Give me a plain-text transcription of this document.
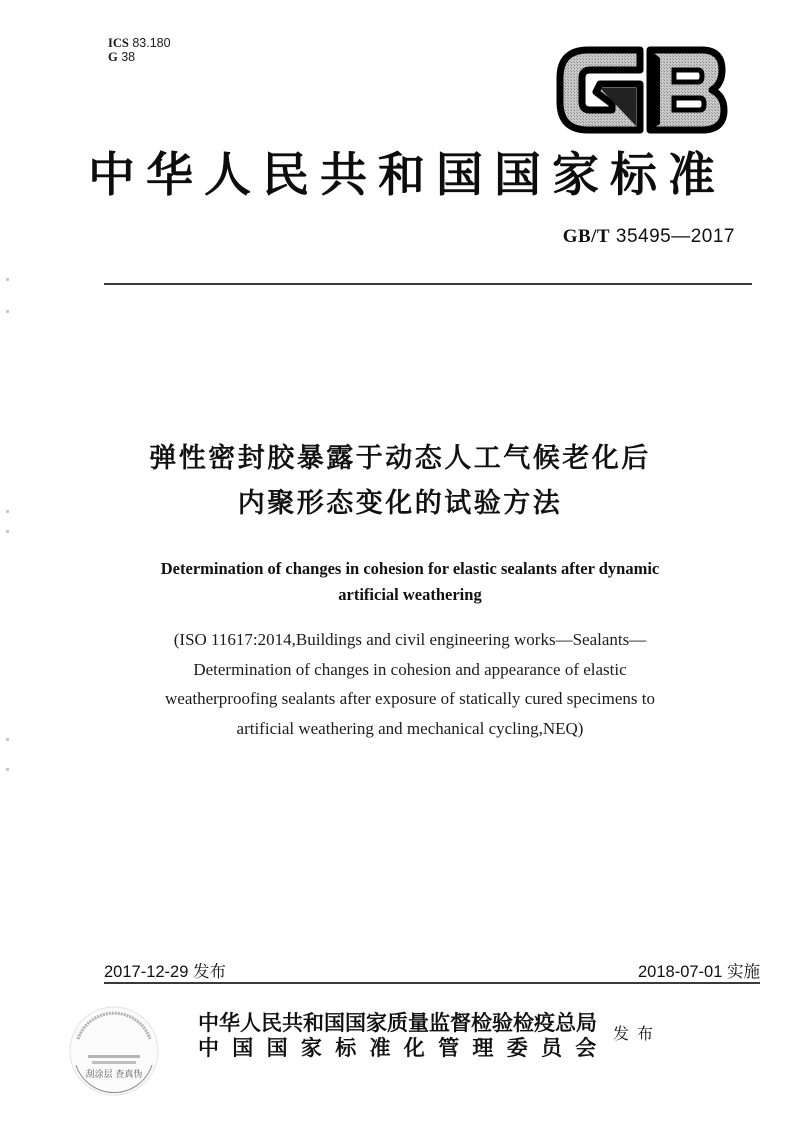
ICS 83.180
G 38
中华人民共和国国家标准
GB/T 35495—2017
弹性密封胶暴露于动态人工气候老化后
内聚形态变化的试验方法
Determination of changes in cohesion for elastic sealants after dynamic
artificial weathering
(ISO 11617:2014,Buildings and civil engineering works—Sealants—
Determination of changes in cohesion and appearance of elastic
weatherproofing sealants after exposure of statically cured specimens to
artificial weathering and mechanical cycling,NEQ)
2017-12-29 发布	2018-07-01 实施
刮涂层 查真伪
中华人民共和国国家质量监督检验检疫总局
中国国家标准化管理委员会
发布
